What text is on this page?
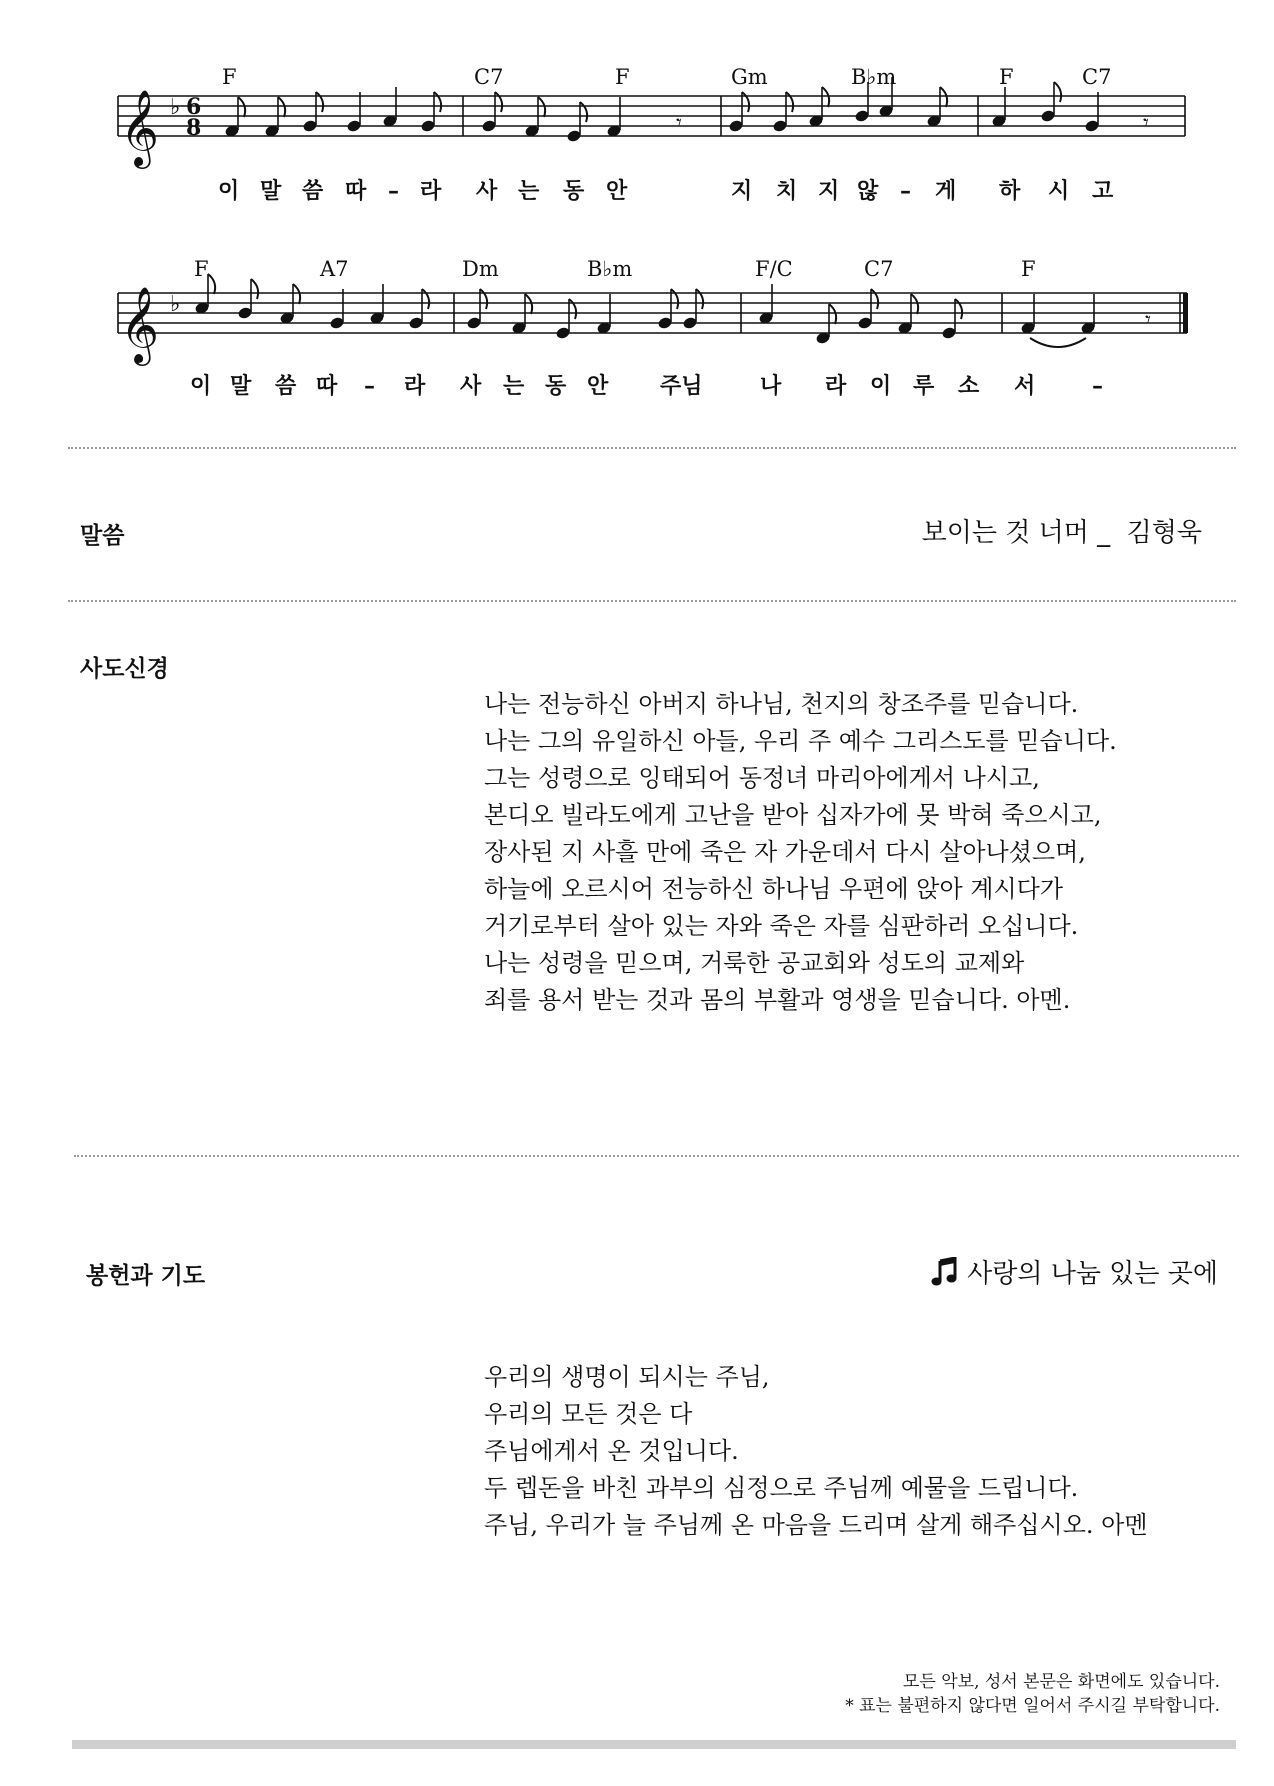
𝄞 ♭ 6
8	𝄾	𝄾
F	C7	F	Gm	B♭m	F	C7
이 말 씀 따 – 라 사 는 동 안	지 치 지 않 – 게 하 시 고
𝄞 ♭
𝄾
F	A7	Dm	B♭m	F/C	C7	F
이 말 씀 따 – 라 사 는 동 안 주님	나 라 이 루 소 서	–
말씀	보이는 것 너머 _  김형욱
사도신경
나는 전능하신 아버지 하나님, 천지의 창조주를 믿습니다.
나는 그의 유일하신 아들, 우리 주 예수 그리스도를 믿습니다.
그는 성령으로 잉태되어 동정녀 마리아에게서 나시고,
본디오 빌라도에게 고난을 받아 십자가에 못 박혀 죽으시고,
장사된 지 사흘 만에 죽은 자 가운데서 다시 살아나셨으며,
하늘에 오르시어 전능하신 하나님 우편에 앉아 계시다가
거기로부터 살아 있는 자와 죽은 자를 심판하러 오십니다.
나는 성령을 믿으며, 거룩한 공교회와 성도의 교제와
죄를 용서 받는 것과 몸의 부활과 영생을 믿습니다. 아멘.
봉헌과 기도	사랑의 나눔 있는 곳에
우리의 생명이 되시는 주님,
우리의 모든 것은 다
주님에게서 온 것입니다.
두 렙돈을 바친 과부의 심정으로 주님께 예물을 드립니다.
주님, 우리가 늘 주님께 온 마음을 드리며 살게 해주십시오. 아멘
모든 악보, 성서 본문은 화면에도 있습니다.
* 표는 불편하지 않다면 일어서 주시길 부탁합니다.
